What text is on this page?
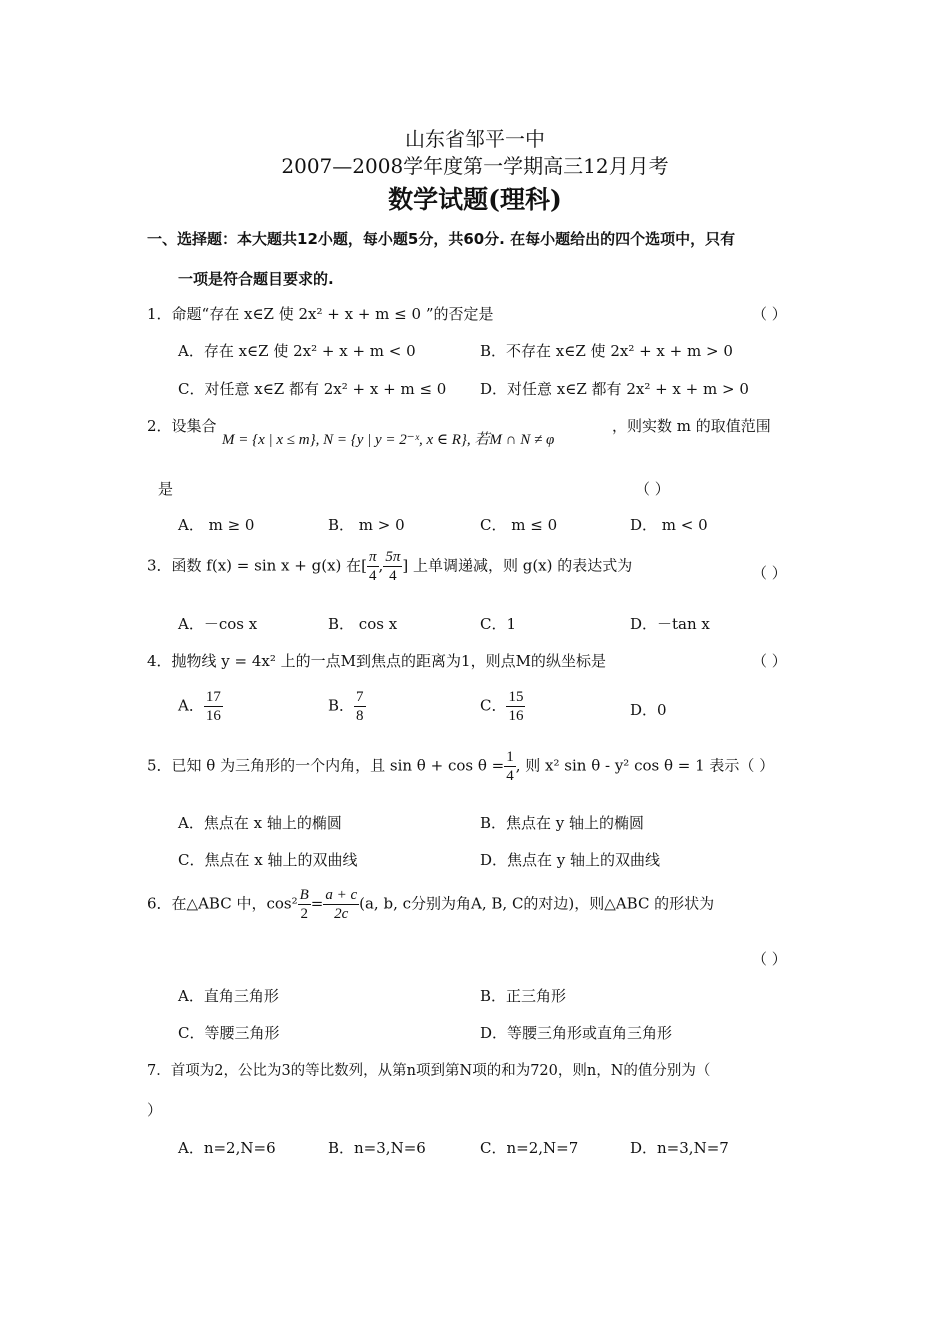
山东省邹平一中
2007—2008学年度第一学期高三12月月考
数学试题(理科)
一、选择题：本大题共12小题，每小题5分，共60分. 在每小题给出的四个选项中，只有
一项是符合题目要求的.
1．命题“存在 x∈Z 使 2x² + x + m ≤ 0 ”的否定是	（ ）
A．存在 x∈Z 使 2x² + x + m < 0	B．不存在 x∈Z 使 2x² + x + m > 0
C．对任意 x∈Z 都有 2x² + x + m ≤ 0 D．对任意 x∈Z 都有 2x² + x + m > 0
2．设集合
M = {x | x ≤ m}, N = {y | y = 2⁻ˣ, x ∈ R}, 若M ∩ N ≠ φ
，则实数 m 的取值范围
是	（ ）
A． m ≥ 0	B． m > 0	C． m ≤ 0	D． m < 0
3．函数 f(x) = sin x + g(x) 在[ $\frac{\pi}{4}$ , $\frac{5\pi}{4}$ ] 上单调递减，则 g(x) 的表达式为	（ ）
A．－cos x	B． cos x	C．1	D．－tan x
4．抛物线 y = 4x² 上的一点M到焦点的距离为1，则点M的纵坐标是	（ ）
A． $\frac{17}{16}$	B． $\frac{7}{8}$	C． $\frac{15}{16}$	D．0
5．已知 θ 为三角形的一个内角，且 $\sin \theta + \cos \theta = \frac{1}{4}$ , 则 x² sin θ - y² cos θ = 1 表示（ ）
A．焦点在 x 轴上的椭圆	B．焦点在 y 轴上的椭圆
C．焦点在 x 轴上的双曲线	D．焦点在 y 轴上的双曲线
6．在△ABC 中，$\cos^2 \frac{B}{2} = \frac{a + c}{2c} (a$, b, c分别为角A, B, C的对边)，则△ABC 的形状为
（ ）
A．直角三角形	B．正三角形
C．等腰三角形	D．等腰三角形或直角三角形
7．首项为2，公比为3的等比数列，从第n项到第N项的和为720，则n，N的值分别为（
）
A．n=2,N=6	B．n=3,N=6	C．n=2,N=7	D．n=3,N=7
